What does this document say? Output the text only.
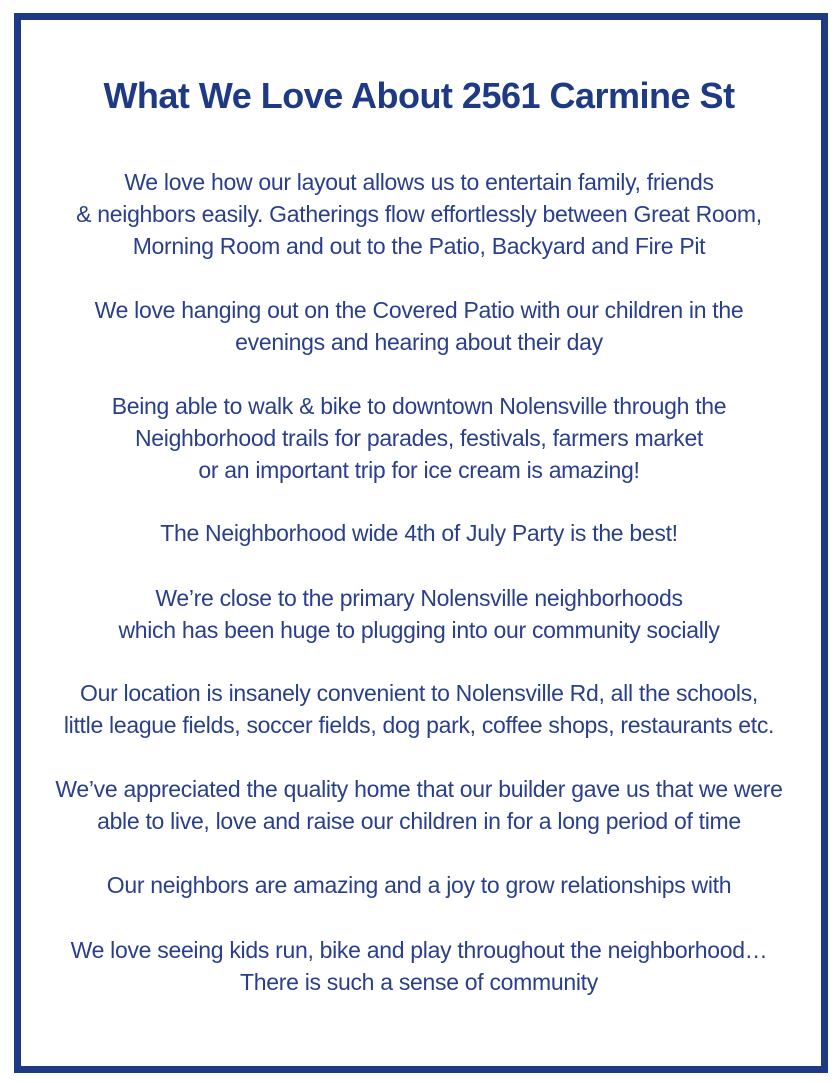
What We Love About 2561 Carmine St

We love how our layout allows us to entertain family, friends
& neighbors easily. Gatherings flow effortlessly between Great Room,
Morning Room and out to the Patio, Backyard and Fire Pit

We love hanging out on the Covered Patio with our children in the
evenings and hearing about their day

Being able to walk & bike to downtown Nolensville through the
Neighborhood trails for parades, festivals, farmers market
or an important trip for ice cream is amazing!

The Neighborhood wide 4th of July Party is the best!

We’re close to the primary Nolensville neighborhoods
which has been huge to plugging into our community socially

Our location is insanely convenient to Nolensville Rd, all the schools,
little league fields, soccer fields, dog park, coffee shops, restaurants etc.

We’ve appreciated the quality home that our builder gave us that we were
able to live, love and raise our children in for a long period of time

Our neighbors are amazing and a joy to grow relationships with

We love seeing kids run, bike and play throughout the neighborhood…
There is such a sense of community
